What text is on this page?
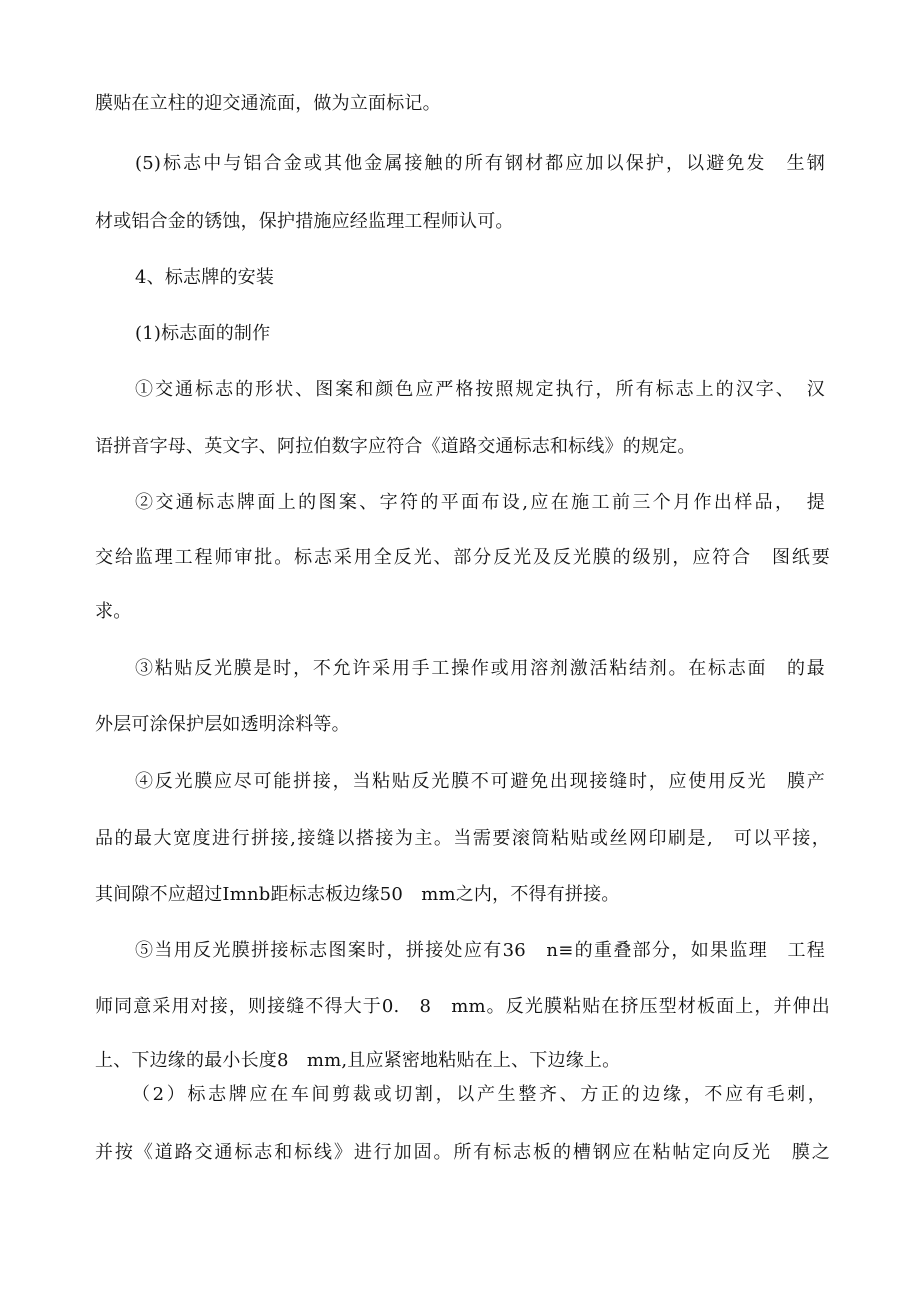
膜贴在立柱的迎交通流面，做为立面标记。
(5)标志中与铝合金或其他金属接触的所有钢材都应加以保护，以避免发　生钢
材或铝合金的锈蚀，保护措施应经监理工程师认可。
4、标志牌的安装
(1)标志面的制作
①交通标志的形状、图案和颜色应严格按照规定执行，所有标志上的汉字、　汉
语拼音字母、英文字、阿拉伯数字应符合《道路交通标志和标线》的规定。
②交通标志牌面上的图案、字符的平面布设,应在施工前三个月作出样品，　提
交给监理工程师审批。标志采用全反光、部分反光及反光膜的级别，应符合　图纸要
求。
③粘贴反光膜是时，不允许采用手工操作或用溶剂激活粘结剂。在标志面　的最
外层可涂保护层如透明涂料等。
④反光膜应尽可能拼接，当粘贴反光膜不可避免出现接缝时，应使用反光　膜产
品的最大宽度进行拼接,接缝以搭接为主。当需要滚筒粘贴或丝网印刷是,　可以平接，
其间隙不应超过Imnb距标志板边缘50　mm之内，不得有拼接。
⑤当用反光膜拼接标志图案时，拼接处应有36　n≡的重叠部分，如果监理　工程
师同意采用对接，则接缝不得大于0.　8　mm。反光膜粘贴在挤压型材板面上，并伸出
上、下边缘的最小长度8　mm,且应紧密地粘贴在上、下边缘上。
（2）标志牌应在车间剪裁或切割，以产生整齐、方正的边缘，不应有毛刺，
并按《道路交通标志和标线》进行加固。所有标志板的槽钢应在粘帖定向反光　膜之
